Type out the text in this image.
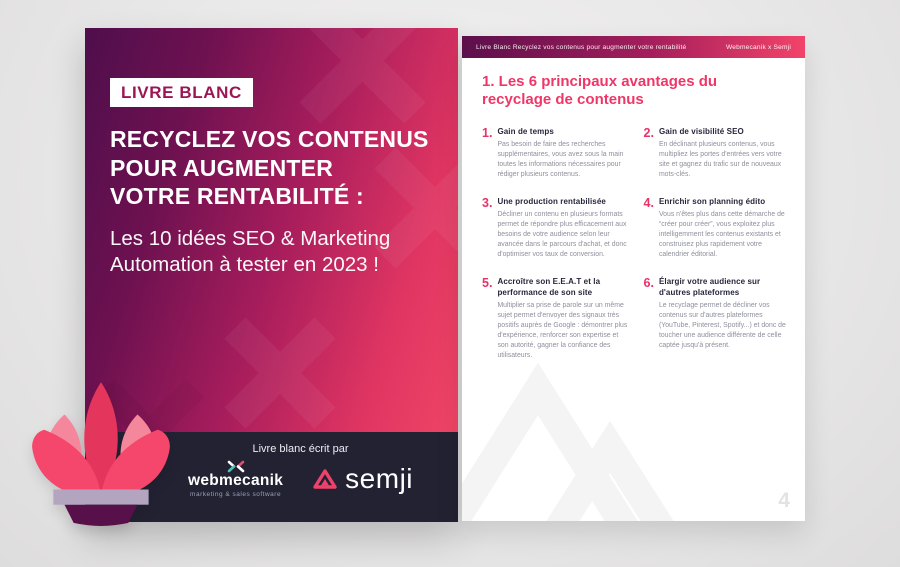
LIVRE BLANC
RECYCLEZ VOS CONTENUS
POUR AUGMENTER
VOTRE RENTABILITÉ :
Les 10 idées SEO & Marketing
Automation à tester en 2023 !
Livre blanc écrit par
webmecanik
marketing & sales software
semji
Livre Blanc Recyclez vos contenus pour augmenter votre rentabilité	Webmecanik x Semji
1. Les 6 principaux avantages du recyclage de contenus
1. Gain de temps
Pas besoin de faire des recherches supplémentaires, vous avez sous la main toutes les informations nécessaires pour rédiger plusieurs contenus.
2. Gain de visibilité SEO
En déclinant plusieurs contenus, vous multipliez les portes d'entrées vers votre site et gagnez du trafic sur de nouveaux mots-clés.
3. Une production rentabilisée
Décliner un contenu en plusieurs formats permet de répondre plus efficacement aux besoins de votre audience selon leur avancée dans le parcours d'achat, et donc d'optimiser vos taux de conversion.
4. Enrichir son planning édito
Vous n'êtes plus dans cette démarche de “créer pour créer”, vous exploitez plus intelligemment les contenus existants et construisez plus rapidement votre calendrier éditorial.
5. Accroître son E.E.A.T et la performance de son site
Multiplier sa prise de parole sur un même sujet permet d'envoyer des signaux très positifs auprès de Google : démontrer plus d'expérience, renforcer son expertise et son autorité, gagner la confiance des utilisateurs.
6. Élargir votre audience sur d'autres plateformes
Le recyclage permet de décliner vos contenus sur d'autres plateformes (YouTube, Pinterest, Spotify...) et donc de toucher une audience différente de celle captée jusqu'à présent.
4
